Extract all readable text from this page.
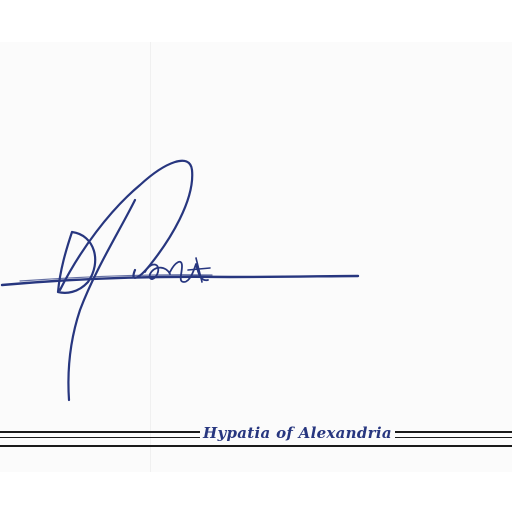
Hypatia of Alexandria
